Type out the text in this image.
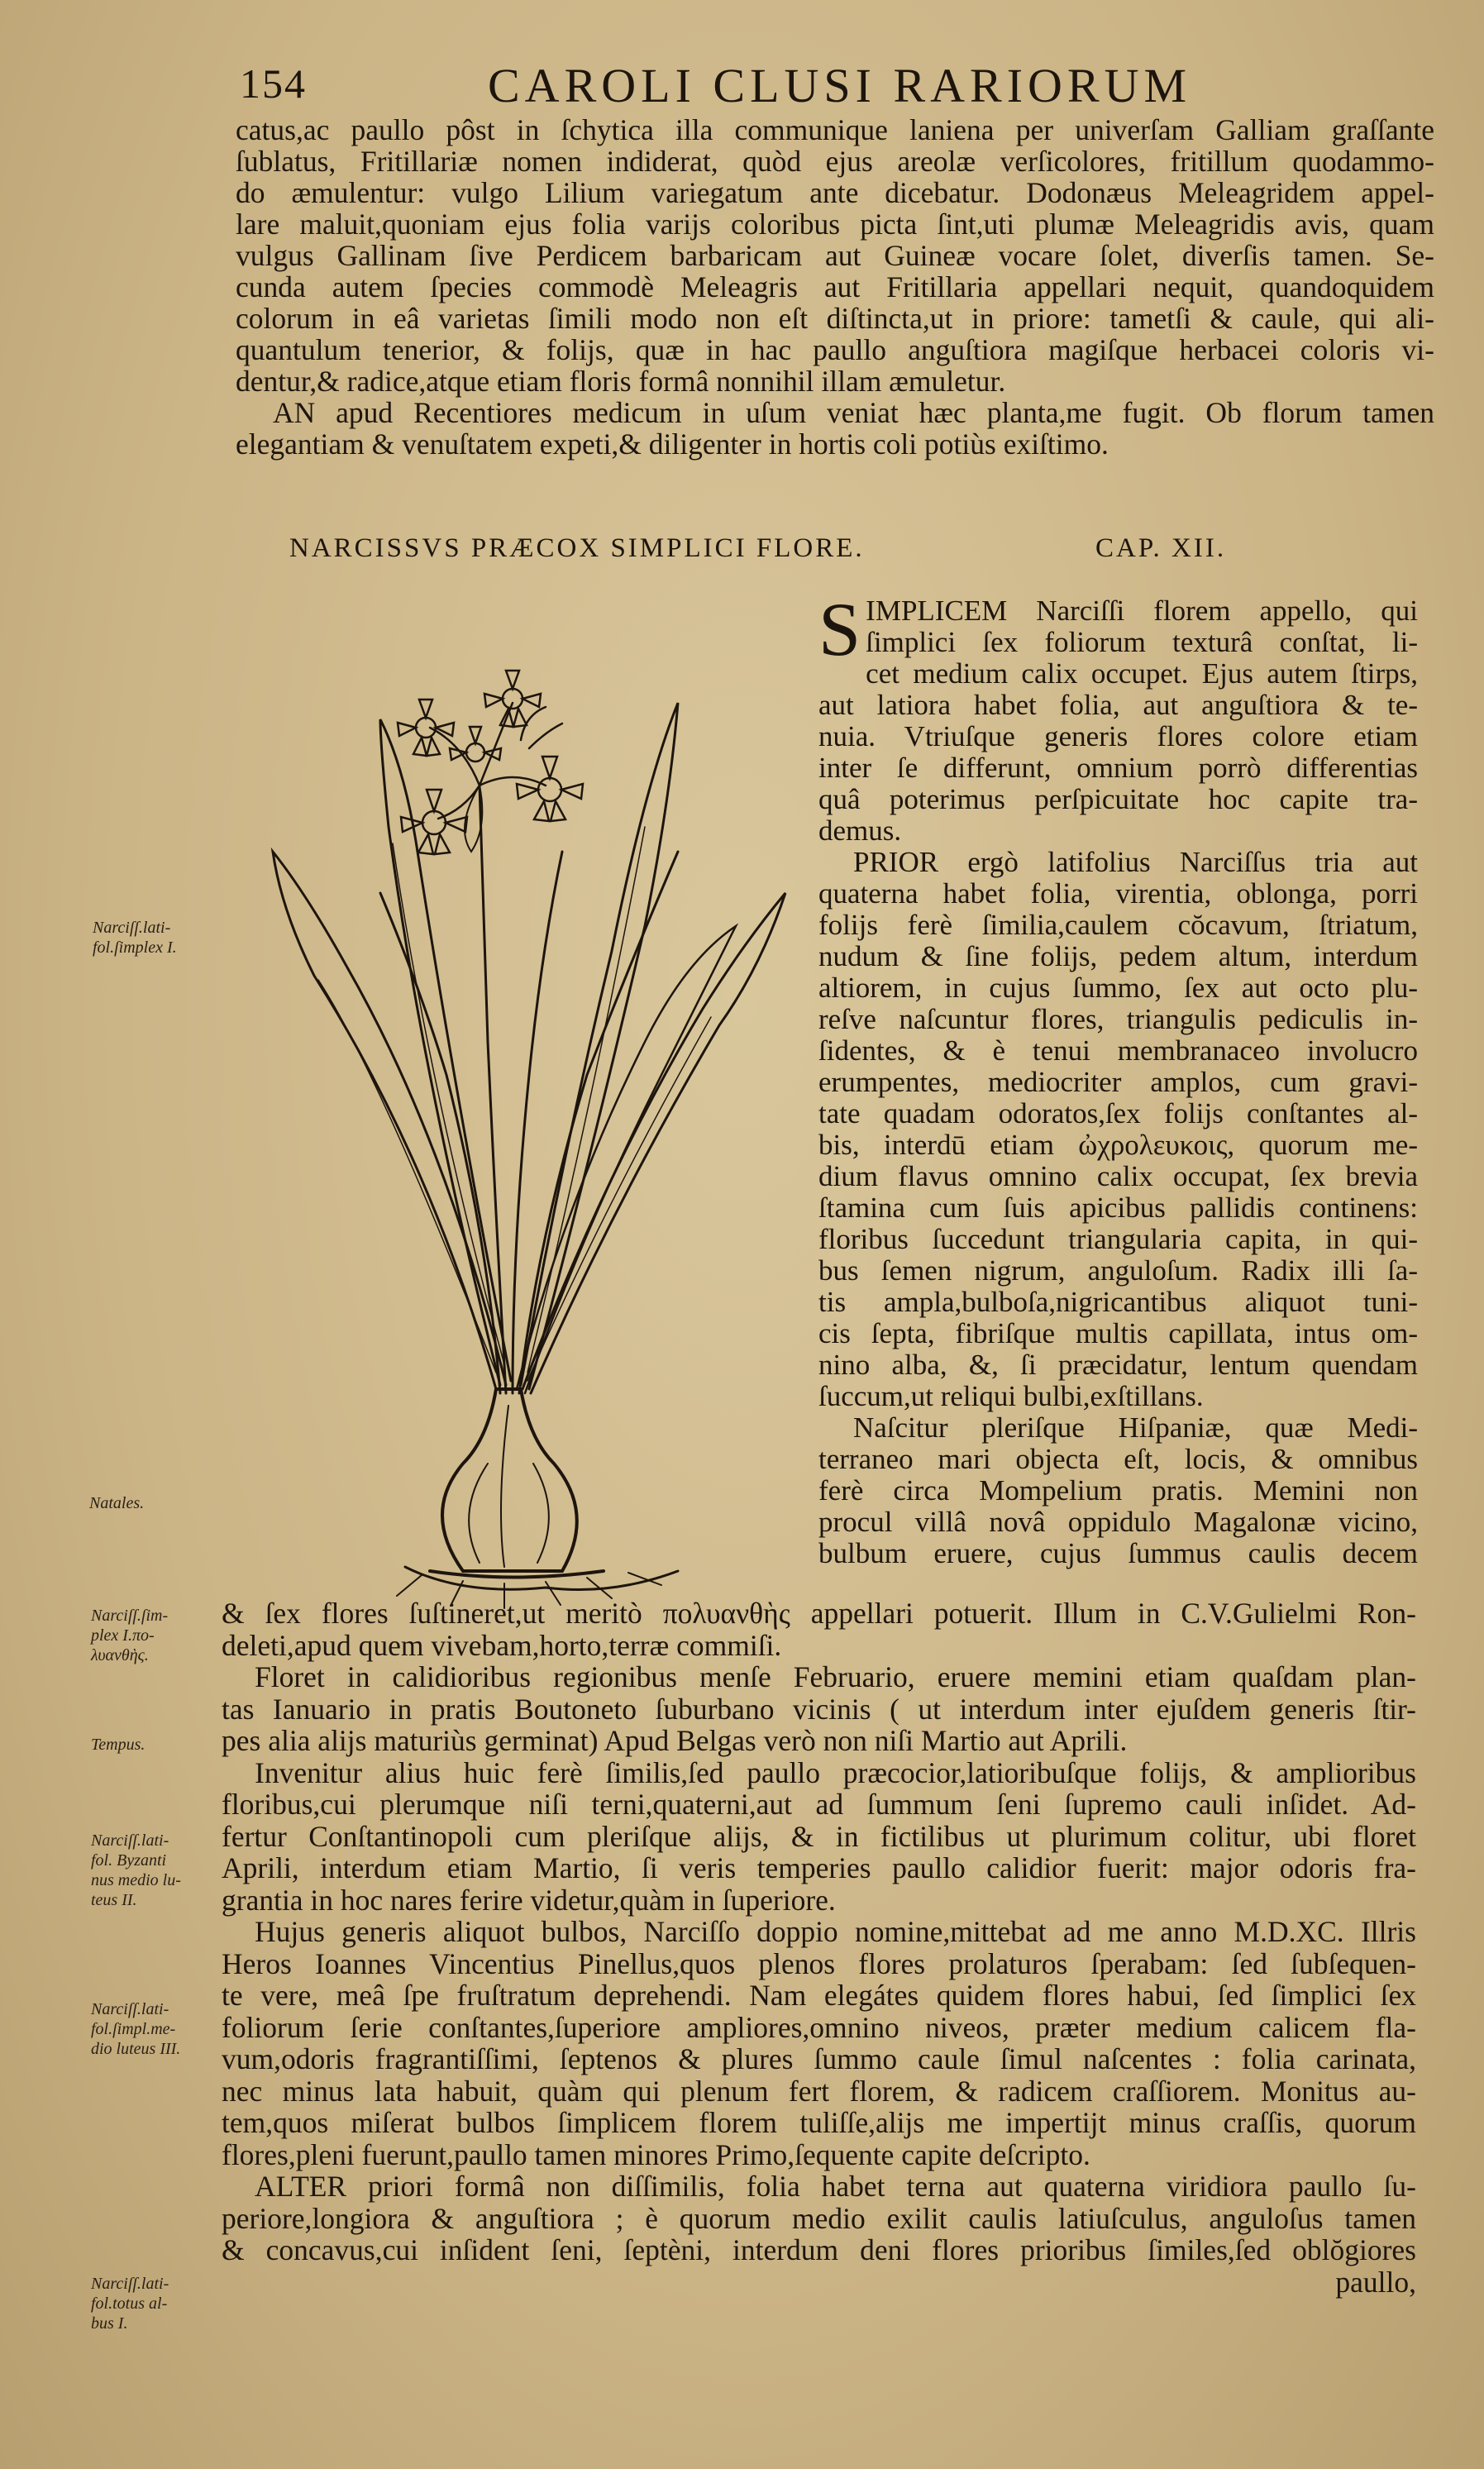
154	CAROLI CLUSI RARIORUM
catus,ac paullo pôst in ſchytica illa communique laniena per univerſam Galliam graſſante
ſublatus, Fritillariæ nomen indiderat, quòd ejus areolæ verſicolores, fritillum quodammo-
do æmulentur: vulgo Lilium variegatum ante dicebatur. Dodonæus Meleagridem appel-
lare maluit,quoniam ejus folia varijs coloribus picta ſint,uti plumæ Meleagridis avis, quam
vulgus Gallinam ſive Perdicem barbaricam aut Guineæ vocare ſolet, diverſis tamen. Se-
cunda autem ſpecies commodè Meleagris aut Fritillaria appellari nequit, quandoquidem
colorum in eâ varietas ſimili modo non eſt diſtincta,ut in priore: tametſi & caule, qui ali-
quantulum tenerior, & folijs, quæ in hac paullo anguſtiora magiſque herbacei coloris vi-
dentur,& radice,atque etiam floris formâ nonnihil illam æmuletur.
AN apud Recentiores medicum in uſum veniat hæc planta,me fugit. Ob florum tamen
elegantiam & venuſtatem expeti,& diligenter in hortis coli potiùs exiſtimo.
NARCISSVS PRÆCOX SIMPLICI FLORE.	CAP. XII.
SIMPLICEM Narciſſi florem appello, qui
ſimplici ſex foliorum texturâ conſtat, li-
cet medium calix occupet. Ejus autem ſtirps,
aut latiora habet folia, aut anguſtiora & te-
nuia. Vtriuſque generis flores colore etiam
inter ſe differunt, omnium porrò differentias
quâ poterimus perſpicuitate hoc capite tra-
demus.
PRIOR ergò latifolius Narciſſus tria aut
quaterna habet folia, virentia, oblonga, porri
folijs ferè ſimilia,caulem cŏcavum, ſtriatum,
nudum & ſine folijs, pedem altum, interdum
altiorem, in cujus ſummo, ſex aut octo plu-
reſve naſcuntur flores, triangulis pediculis in-
ſidentes, & è tenui membranaceo involucro
erumpentes, mediocriter amplos, cum gravi-
tate quadam odoratos,ſex folijs conſtantes al-
bis, interdū etiam ὠχρολευκοις, quorum me-
dium flavus omnino calix occupat, ſex brevia
ſtamina cum ſuis apicibus pallidis continens:
floribus ſuccedunt triangularia capita, in qui-
bus ſemen nigrum, anguloſum. Radix illi ſa-
tis ampla,bulboſa,nigricantibus aliquot tuni-
cis ſepta, fibriſque multis capillata, intus om-
nino alba, &, ſi præcidatur, lentum quendam
ſuccum,ut reliqui bulbi,exſtillans.
Naſcitur pleriſque Hiſpaniæ, quæ Medi-
terraneo mari objecta eſt, locis, & omnibus
ferè circa Mompelium pratis. Memini non
procul villâ novâ oppidulo Magalonæ vicino,
bulbum eruere, cujus ſummus caulis decem
& ſex flores ſuſtineret,ut meritò πολυανθὴς appellari potuerit. Illum in C.V.Gulielmi Ron-
deleti,apud quem vivebam,horto,terræ commiſi.
Floret in calidioribus regionibus menſe Februario, eruere memini etiam quaſdam plan-
tas Ianuario in pratis Boutoneto ſuburbano vicinis ( ut interdum inter ejuſdem generis ſtir-
pes alia alijs maturiùs germinat) Apud Belgas verò non niſi Martio aut Aprili.
Invenitur alius huic ferè ſimilis,ſed paullo præcocior,latioribuſque folijs, & amplioribus
floribus,cui plerumque niſi terni,quaterni,aut ad ſummum ſeni ſupremo cauli inſidet. Ad-
fertur Conſtantinopoli cum pleriſque alijs, & in fictilibus ut plurimum colitur, ubi floret
Aprili, interdum etiam Martio, ſi veris temperies paullo calidior fuerit: major odoris fra-
grantia in hoc nares ferire videtur,quàm in ſuperiore.
Hujus generis aliquot bulbos, Narciſſo doppio nomine,mittebat ad me anno M.D.XC. Illris
Heros Ioannes Vincentius Pinellus,quos plenos flores prolaturos ſperabam: ſed ſubſequen-
te vere, meâ ſpe fruſtratum deprehendi. Nam elegátes quidem flores habui, ſed ſimplici ſex
foliorum ſerie conſtantes,ſuperiore ampliores,omnino niveos, præter medium calicem fla-
vum,odoris fragrantiſſimi, ſeptenos & plures ſummo caule ſimul naſcentes : folia carinata,
nec minus lata habuit, quàm qui plenum fert florem, & radicem craſſiorem. Monitus au-
tem,quos miſerat bulbos ſimplicem florem tuliſſe,alijs me impertijt minus craſſis, quorum
flores,pleni fuerunt,paullo tamen minores Primo,ſequente capite deſcripto.
ALTER priori formâ non diſſimilis, folia habet terna aut quaterna viridiora paullo ſu-
periore,longiora & anguſtiora ; è quorum medio exilit caulis latiuſculus, anguloſus tamen
& concavus,cui inſident ſeni, ſeptèni, interdum deni flores prioribus ſimiles,ſed oblŏgiores
paullo,
Narciſſ.lati-
fol.ſimplex I.
Natales.
Narciſſ.ſim-
plex I.πο-
λυανθὴς.
Tempus.
Narciſſ.lati-
fol. Byzanti
nus medio lu-
teus II.
Narciſſ.lati-
fol.ſimpl.me-
dio luteus III.
Narciſſ.lati-
fol.totus al-
bus I.
